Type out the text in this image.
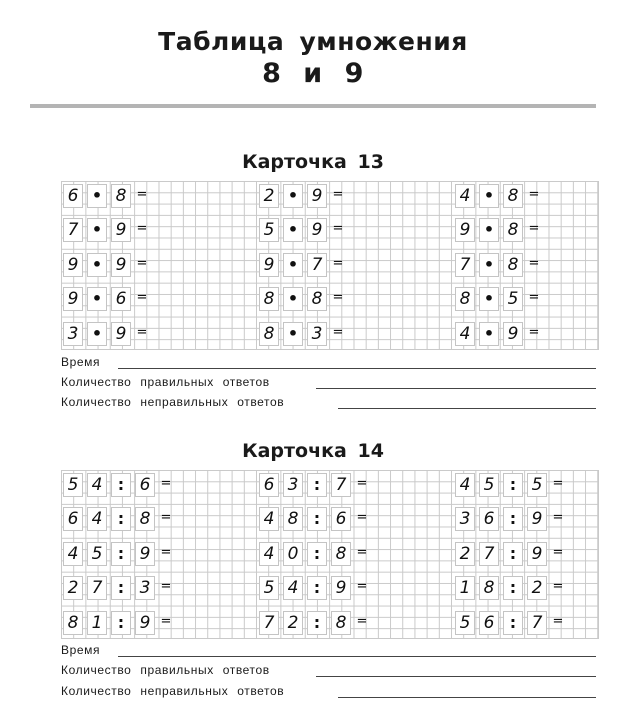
Таблица умножения
8 и 9
Карточка 13
6 • 8 =
7 • 9 =
9 • 9 =
9 • 6 =
3 • 9 =
2 • 9 =
5 • 9 =
9 • 7 =
8 • 8 =
8 • 3 =
4 • 8 =
9 • 8 =
7 • 8 =
8 • 5 =
4 • 9 =
Время
Количество правильных ответов
Количество неправильных ответов
Карточка 14
5 4 : 6 =
6 4 : 8 =
4 5 : 9 =
2 7 : 3 =
8 1 : 9 =
6 3 : 7 =
4 8 : 6 =
4 0 : 8 =
5 4 : 9 =
7 2 : 8 =
4 5 : 5 =
3 6 : 9 =
2 7 : 9 =
1 8 : 2 =
5 6 : 7 =
Время
Количество правильных ответов
Количество неправильных ответов
